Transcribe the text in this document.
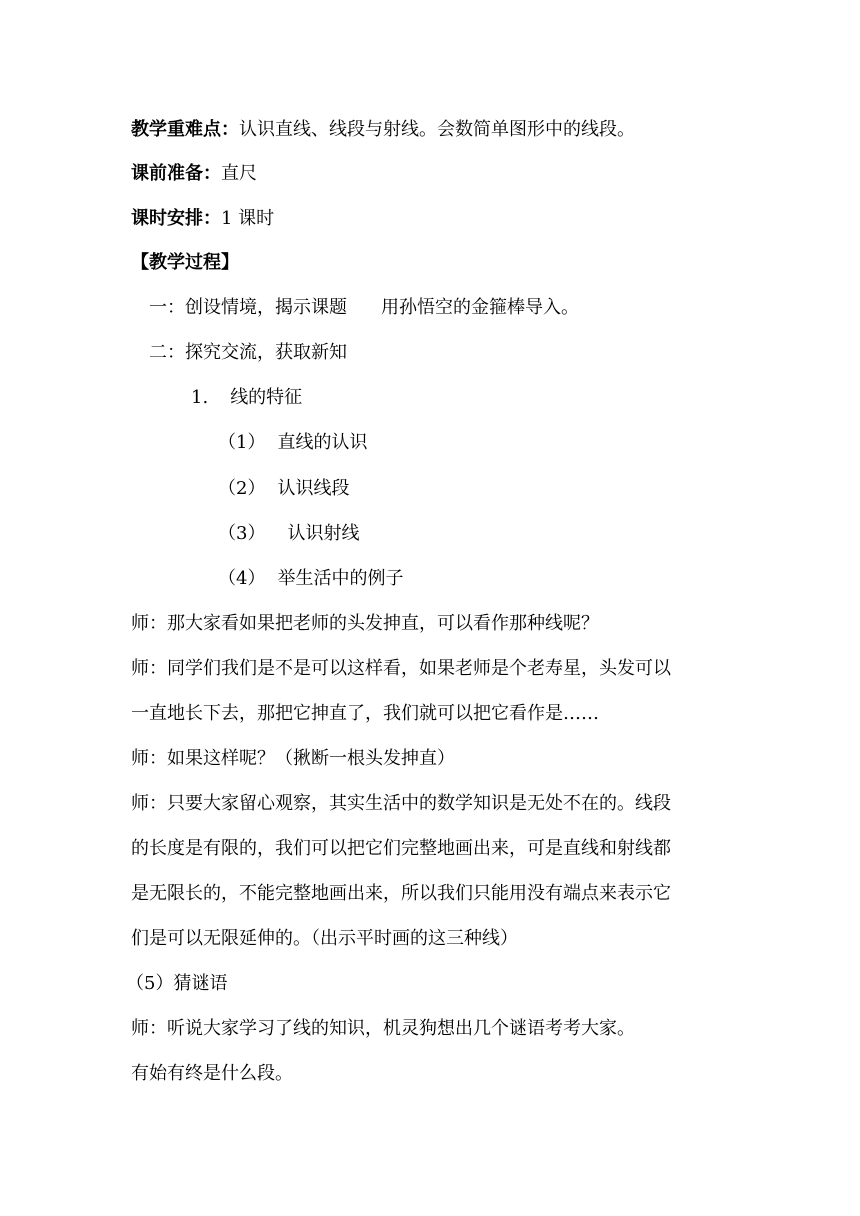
教学重难点：认识直线、线段与射线。会数简单图形中的线段。
课前准备：直尺
课时安排：1 课时
【教学过程】
一：创设情境，揭示课题 用孙悟空的金箍棒导入。
二：探究交流，获取新知
1. 线的特征
（1） 直线的认识
（2） 认识线段
（3） 认识射线
（4） 举生活中的例子
师：那大家看如果把老师的头发抻直，可以看作那种线呢？
师：同学们我们是不是可以这样看，如果老师是个老寿星，头发可以
一直地长下去，那把它抻直了，我们就可以把它看作是……
师：如果这样呢？（揪断一根头发抻直）
师：只要大家留心观察，其实生活中的数学知识是无处不在的。线段
的长度是有限的，我们可以把它们完整地画出来，可是直线和射线都
是无限长的，不能完整地画出来，所以我们只能用没有端点来表示它
们是可以无限延伸的。（出示平时画的这三种线）
（5）猜谜语
师：听说大家学习了线的知识，机灵狗想出几个谜语考考大家。
有始有终是什么段。
